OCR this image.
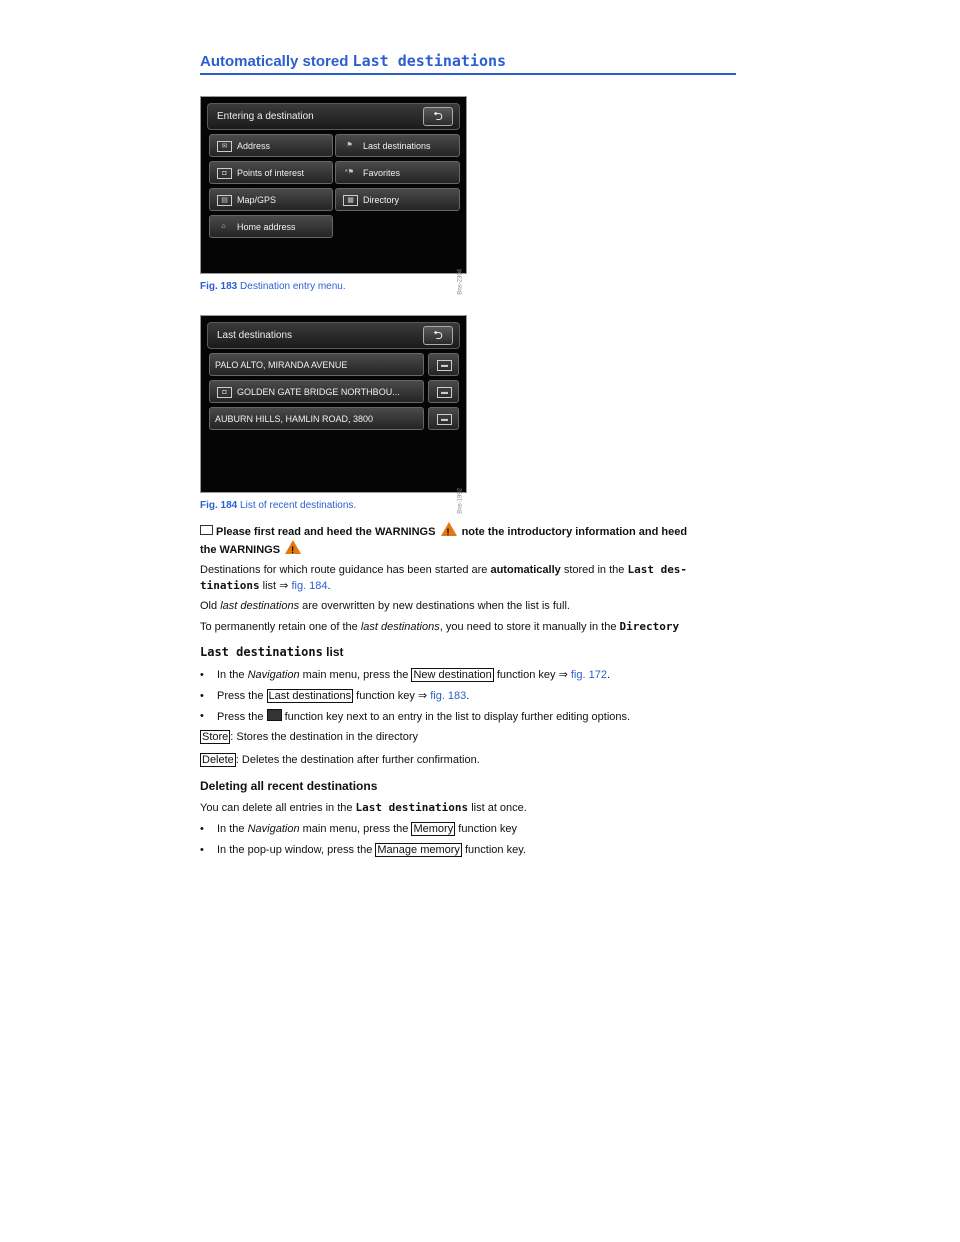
Automatically stored Last destinations
Entering a destination	⮌
✉	Address	⚑	Last destinations
◘	Points of interest	*⚑ Favorites
▤	Map/GPS	▦	Directory
⌂	Home address
Bns-2304
Fig. 183 Destination entry menu.
Last destinations	⮌
PALO ALTO, MIRANDA AVENUE	▬
◘	GOLDEN GATE BRIDGE NORTHBOU...	▬
AUBURN HILLS, HAMLIN ROAD, 3800	▬
Bns-1992
Fig. 184 List of recent destinations.
Please first read and heed the WARNINGS ! note the introductory information and heed
the WARNINGS !
Destinations for which route guidance has been started are automatically stored in the Last des-
tinations list ⇒ fig. 184.
Old last destinations are overwritten by new destinations when the list is full.
To permanently retain one of the last destinations, you need to store it manually in the Directory
Last destinations list
• In the Navigation main menu, press the New destination function key ⇒ fig. 172.
• Press the Last destinations function key ⇒ fig. 183.
• Press the function key next to an entry in the list to display further editing options.
Store : Stores the destination in the directory
Delete : Deletes the destination after further confirmation.
Deleting all recent destinations
You can delete all entries in the Last destinations list at once.
• In the Navigation main menu, press the Memory function key
• In the pop-up window, press the Manage memory function key.
